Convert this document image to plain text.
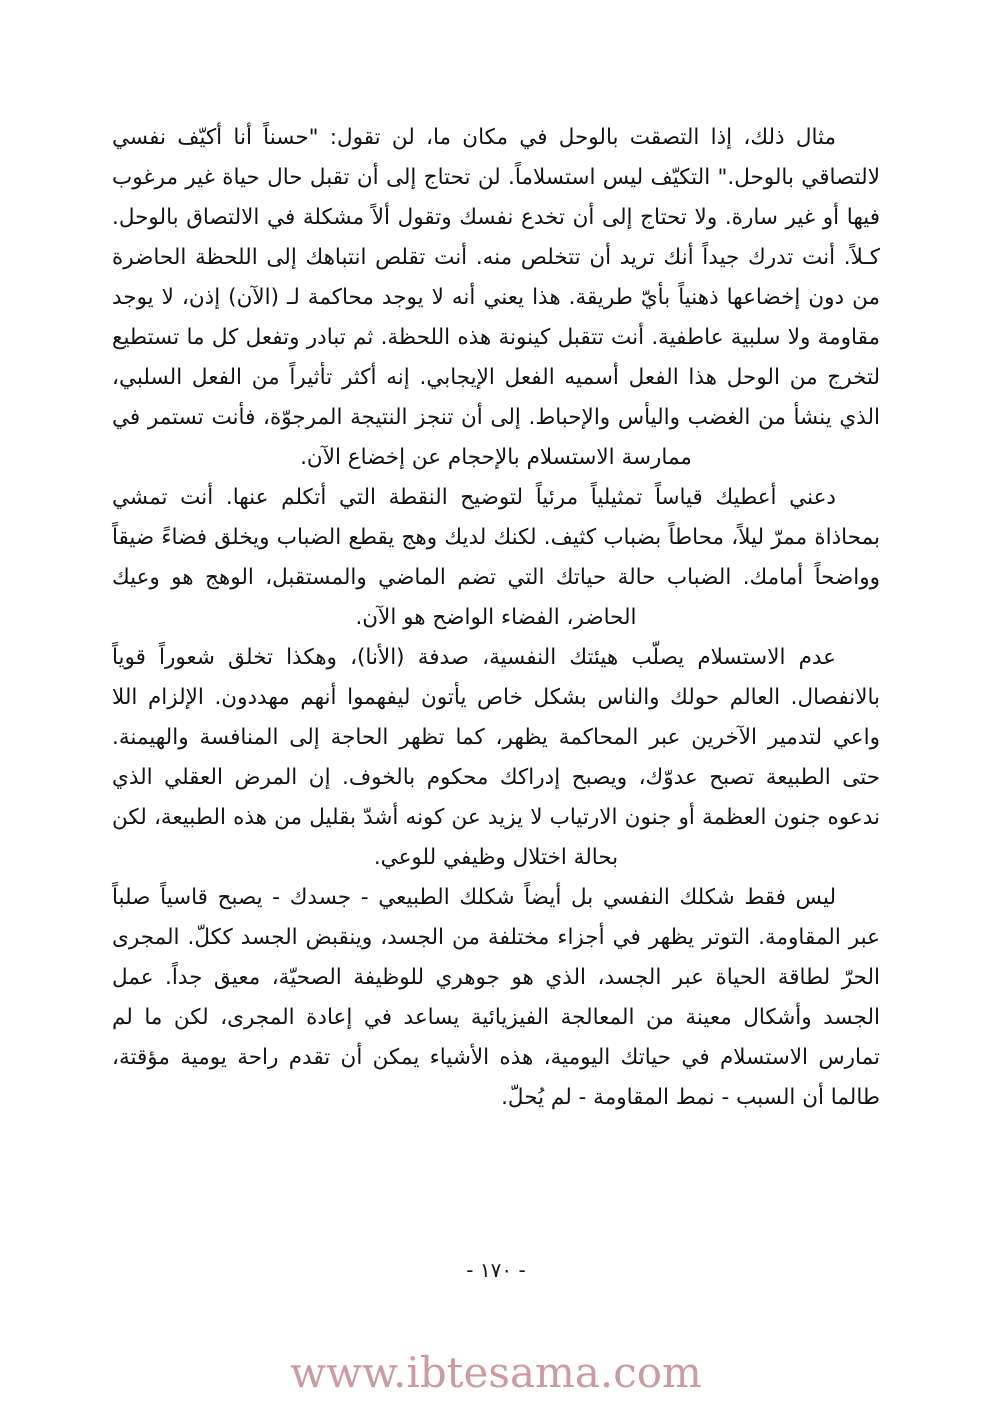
مثال ذلك، إذا التصقت بالوحل في مكان ما، لن تقول: "حسناً أنا أكيّف نفسي لالتصاقي بالوحل." التكيّف ليس استسلاماً. لن تحتاج إلى أن تقبل حال حياة غير مرغوب فيها أو غير سارة. ولا تحتاج إلى أن تخدع نفسك وتقول ألاً مشكلة في الالتصاق بالوحل. كـلاً. أنت تدرك جيداً أنك تريد أن تتخلص منه. أنت تقلص انتباهك إلى اللحظة الحاضرة من دون إخضاعها ذهنياً بأيّ طريقة. هذا يعني أنه لا يوجد محاكمة لـ (الآن) إذن، لا يوجد مقاومة ولا سلبية عاطفية. أنت تتقبل كينونة هذه اللحظة. ثم تبادر وتفعل كل ما تستطيع لتخرج من الوحل هذا الفعل أسميه الفعل الإيجابي. إنه أكثر تأثيراً من الفعل السلبي، الذي ينشأ من الغضب واليأس والإحباط. إلى أن تنجز النتيجة المرجوّة، فأنت تستمر في ممارسة الاستسلام بالإحجام عن إخضاع الآن.

دعني أعطيك قياساً تمثيلياً مرئياً لتوضيح النقطة التي أتكلم عنها. أنت تمشي بمحاذاة ممرّ ليلاً، محاطاً بضباب كثيف. لكنك لديك وهج يقطع الضباب ويخلق فضاءً ضيقاً وواضحاً أمامك. الضباب حالة حياتك التي تضم الماضي والمستقبل، الوهج هو وعيك الحاضر، الفضاء الواضح هو الآن.

عدم الاستسلام يصلّب هيئتك النفسية، صدفة (الأنا)، وهكذا تخلق شعوراً قوياً بالانفصال. العالم حولك والناس بشكل خاص يأتون ليفهموا أنهم مهددون. الإلزام اللا واعي لتدمير الآخرين عبر المحاكمة يظهر، كما تظهر الحاجة إلى المنافسة والهيمنة. حتى الطبيعة تصبح عدوّك، ويصبح إدراكك محكوم بالخوف. إن المرض العقلي الذي ندعوه جنون العظمة أو جنون الارتياب لا يزيد عن كونه أشدّ بقليل من هذه الطبيعة، لكن بحالة اختلال وظيفي للوعي.

ليس فقط شكلك النفسي بل أيضاً شكلك الطبيعي - جسدك - يصبح قاسياً صلباً عبر المقاومة. التوتر يظهر في أجزاء مختلفة من الجسد، وينقبض الجسد ككلّ. المجرى الحرّ لطاقة الحياة عبر الجسد، الذي هو جوهري للوظيفة الصحيّة، معيق جداً. عمل الجسد وأشكال معينة من المعالجة الفيزيائية يساعد في إعادة المجرى، لكن ما لم تمارس الاستسلام في حياتك اليومية، هذه الأشياء يمكن أن تقدم راحة يومية مؤقتة، طالما أن السبب - نمط المقاومة - لم يُحلّ.

- ١٧٠ -
www.ibtesama.com
